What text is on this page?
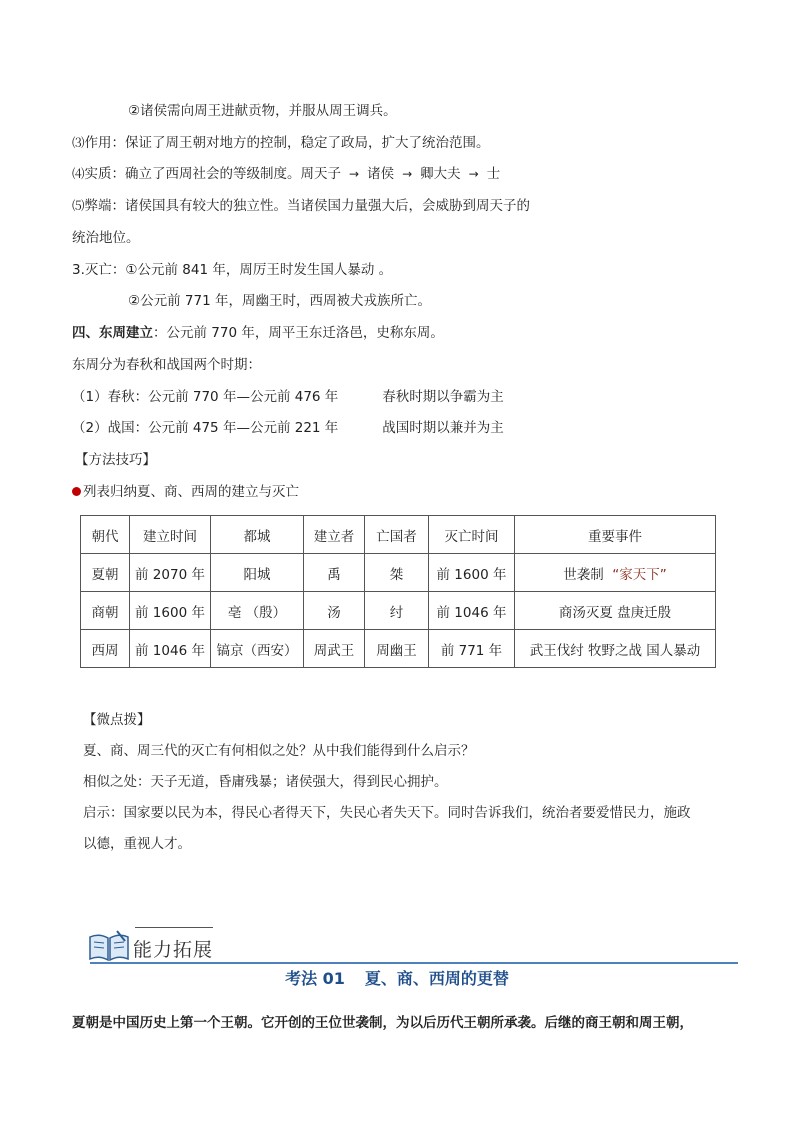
②诸侯需向周王进献贡物，并服从周王调兵。
⑶作用：保证了周王朝对地方的控制，稳定了政局，扩大了统治范围。
⑷实质：确立了西周社会的等级制度。周天子 → 诸侯 → 卿大夫 → 士
⑸弊端：诸侯国具有较大的独立性。当诸侯国力量强大后，会威胁到周天子的
统治地位。
3.灭亡：①公元前 841 年，周厉王时发生国人暴动 。
②公元前 771 年，周幽王时，西周被犬戎族所亡。
四、东周建立：公元前 770 年，周平王东迁洛邑，史称东周。
东周分为春秋和战国两个时期：
（1）春秋：公元前 770 年—公元前 476 年	春秋时期以争霸为主
（2）战国：公元前 475 年—公元前 221 年	战国时期以兼并为主
【方法技巧】
列表归纳夏、商、西周的建立与灭亡
朝代	建立时间	都城	建立者	亡国者	灭亡时间	重要事件
夏朝	前 2070 年	阳城	禹	桀	前 1600 年	世袭制 “家天下”
商朝	前 1600 年	亳 （殷）	汤	纣	前 1046 年	商汤灭夏 盘庚迁殷
西周	前 1046 年	镐京（西安）	周武王	周幽王	前 771 年	武王伐纣 牧野之战 国人暴动
【微点拨】
夏、商、周三代的灭亡有何相似之处？从中我们能得到什么启示？
相似之处：天子无道，昏庸残暴；诸侯强大，得到民心拥护。
启示：国家要以民为本，得民心者得天下，失民心者失天下。同时告诉我们，统治者要爱惜民力，施政
以德，重视人才。
能力拓展
考法 01 夏、商、西周的更替
夏朝是中国历史上第一个王朝。它开创的王位世袭制，为以后历代王朝所承袭。后继的商王朝和周王朝，
